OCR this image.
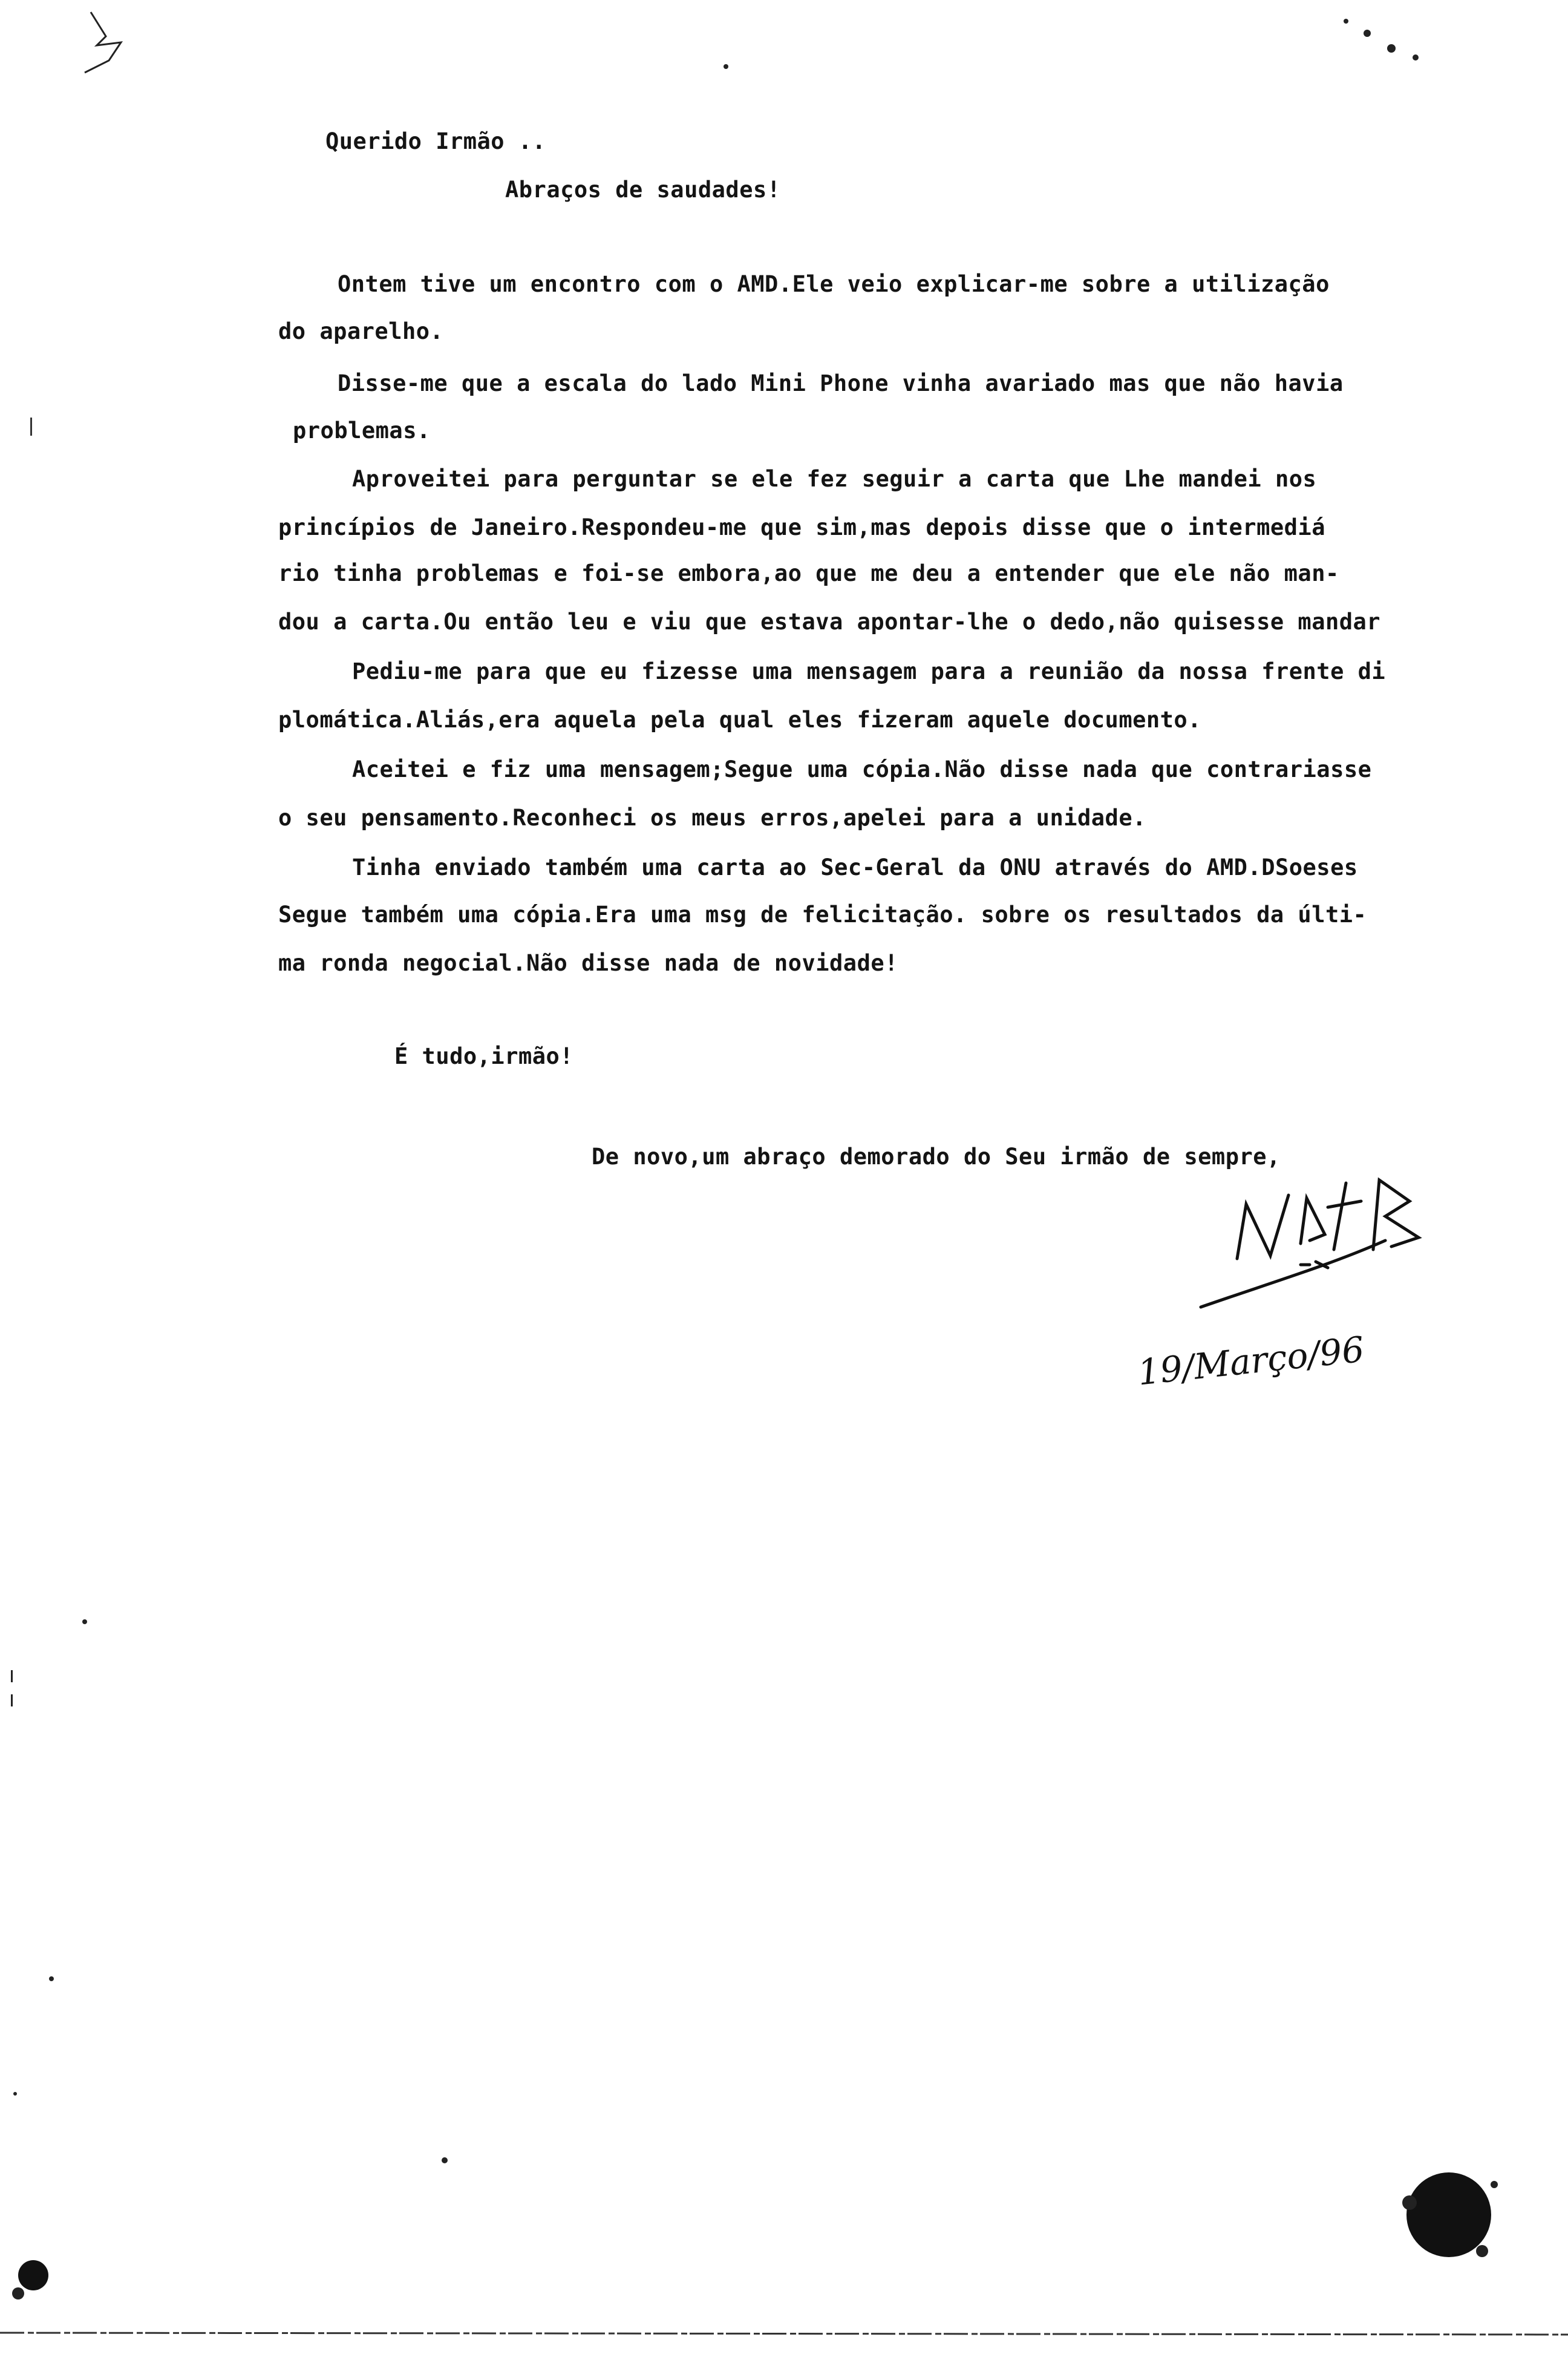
Querido Irmão ..
Abraços de saudades!
Ontem tive um encontro com o AMD.Ele veio explicar-me sobre a utilização
do aparelho.
Disse-me que a escala do lado Mini Phone vinha avariado mas que não havia
problemas.
Aproveitei para perguntar se ele fez seguir a carta que Lhe mandei nos
princípios de Janeiro.Respondeu-me que sim,mas depois disse que o intermediá
rio tinha problemas e foi-se embora,ao que me deu a entender que ele não man-
dou a carta.Ou então leu e viu que estava apontar-lhe o dedo,não quisesse mandar
Pediu-me para que eu fizesse uma mensagem para a reunião da nossa frente di
plomática.Aliás,era aquela pela qual eles fizeram aquele documento.
Aceitei e fiz uma mensagem;Segue uma cópia.Não disse nada que contrariasse
o seu pensamento.Reconheci os meus erros,apelei para a unidade.
Tinha enviado também uma carta ao Sec-Geral da ONU através do AMD.DSoeses
Segue também uma cópia.Era uma msg de felicitação. sobre os resultados da últi-
ma ronda negocial.Não disse nada de novidade!
É tudo,irmão!
De novo,um abraço demorado do Seu irmão de sempre,
19/Março/96
